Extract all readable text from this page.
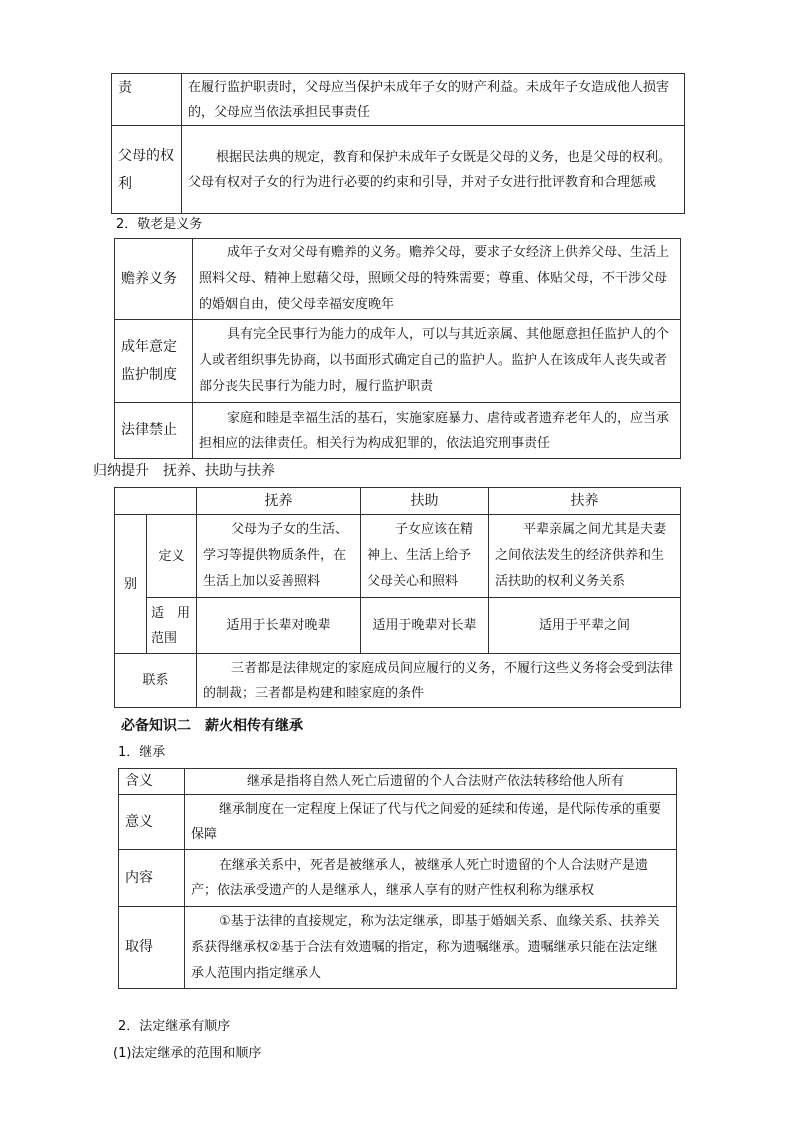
责	在履行监护职责时，父母应当保护未成年子女的财产利益。未成年子女造成他人损害的，父母应当依法承担民事责任
父母的权利	根据民法典的规定，教育和保护未成年子女既是父母的义务，也是父母的权利。父母有权对子女的行为进行必要的约束和引导，并对子女进行批评教育和合理惩戒
2．敬老是义务
赡养义务	成年子女对父母有赡养的义务。赡养父母，要求子女经济上供养父母、生活上照料父母、精神上慰藉父母，照顾父母的特殊需要；尊重、体贴父母，不干涉父母的婚姻自由，使父母幸福安度晚年
成年意定监护制度	具有完全民事行为能力的成年人，可以与其近亲属、其他愿意担任监护人的个人或者组织事先协商，以书面形式确定自己的监护人。监护人在该成年人丧失或者部分丧失民事行为能力时，履行监护职责
法律禁止	家庭和睦是幸福生活的基石，实施家庭暴力、虐待或者遗弃老年人的，应当承担相应的法律责任。相关行为构成犯罪的，依法追究刑事责任
归纳提升　抚养、扶助与扶养
		抚养	扶助	扶养
别	定义	父母为子女的生活、学习等提供物质条件，在生活上加以妥善照料	子女应该在精神上、生活上给予父母关心和照料	平辈亲属之间尤其是夫妻之间依法发生的经济供养和生活扶助的权利义务关系
	适　用范围	适用于长辈对晚辈	适用于晚辈对长辈	适用于平辈之间
联系		三者都是法律规定的家庭成员间应履行的义务，不履行这些义务将会受到法律的制裁；三者都是构建和睦家庭的条件		
必备知识二　薪火相传有继承
1．继承
含义	继承是指将自然人死亡后遗留的个人合法财产依法转移给他人所有
意义	继承制度在一定程度上保证了代与代之间爱的延续和传递，是代际传承的重要保障
内容	在继承关系中，死者是被继承人，被继承人死亡时遗留的个人合法财产是遗产；依法承受遗产的人是继承人，继承人享有的财产性权利称为继承权
取得	①基于法律的直接规定，称为法定继承，即基于婚姻关系、血缘关系、扶养关系获得继承权②基于合法有效遗嘱的指定，称为遗嘱继承。遗嘱继承只能在法定继承人范围内指定继承人
2．法定继承有顺序
(1)法定继承的范围和顺序
